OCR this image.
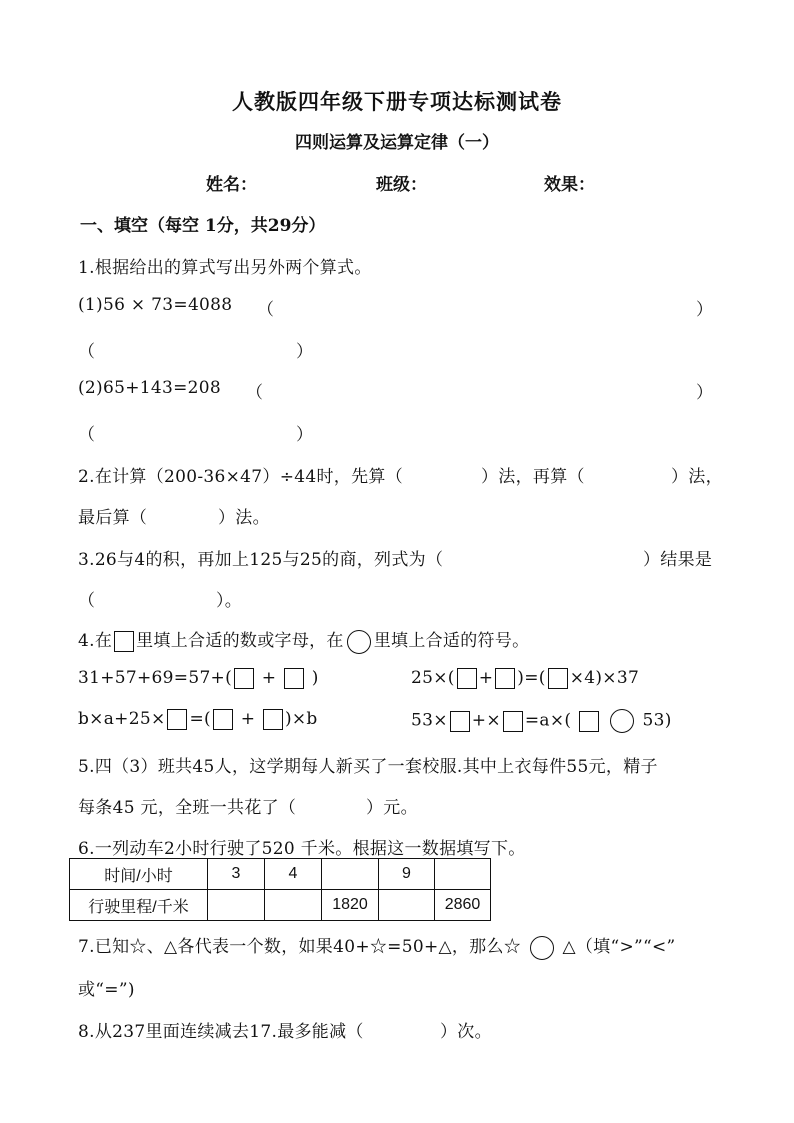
人教版四年级下册专项达标测试卷
四则运算及运算定律（一）
姓名：	班级：	效果：
一、填空（每空 1分，共29分）
1.根据给出的算式写出另外两个算式。
(1)56 × 73=4088 （	）
（	）
(2)65+143=208 （	）
（	）
2.在计算（200-36×47）÷44时，先算（	）法，再算（	）法，
最后算（	）法。
3.26与4的积，再加上125与25的商，列式为（	）结果是
（	）。
4.在 里填上合适的数或字母，在 里填上合适的符号。
31+57+69=57+( + )	25×( + )=( ×4)×37
b×a+25× =( + )×b	53× +× =a×(	53)
5.四（3）班共45人，这学期每人新买了一套校服.其中上衣每件55元，精子
每条45 元，全班一共花了（	）元。
6.一列动车2小时行驶了520 千米。根据这一数据填写下。
时间/小时	3	4		9	
行驶里程/千米			1820		2860
7.已知☆、△各代表一个数，如果40+☆=50+△，那么☆ △（填“>”“<”
或“=”)
8.从237里面连续减去17.最多能减（	）次。
